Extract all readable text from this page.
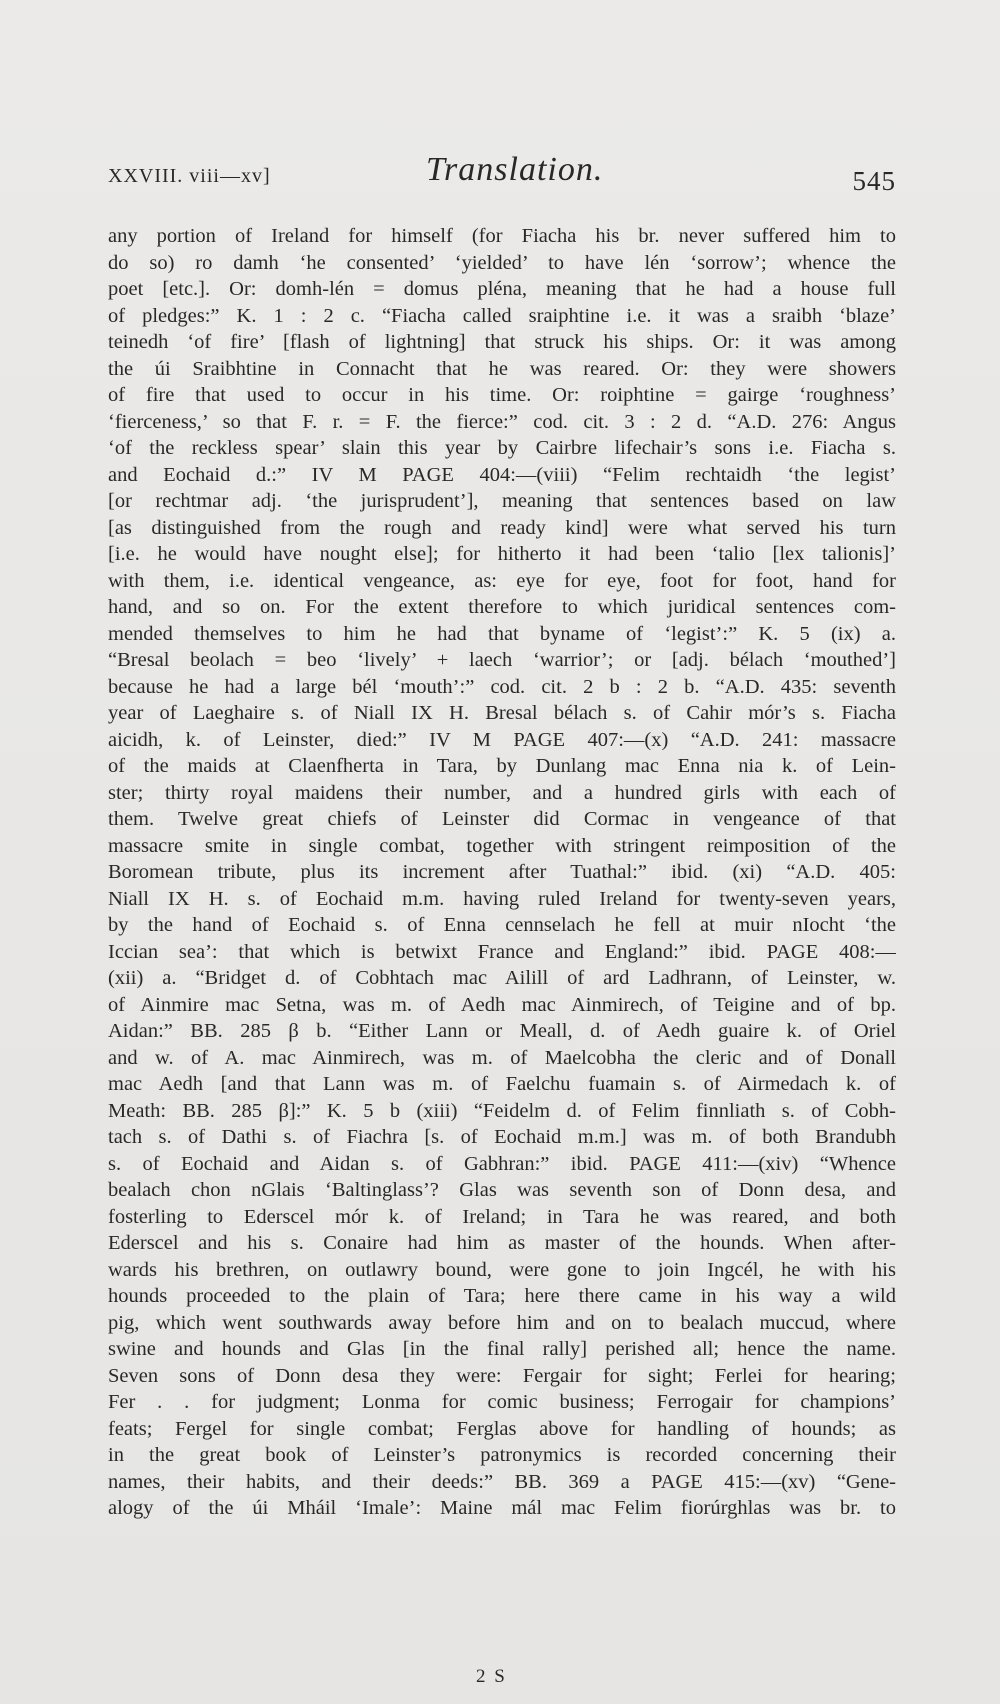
XXVIII. viii—xv]	Translation.	545
any portion of Ireland for himself (for Fiacha his br. never suffered him to
do so) ro damh ‘he consented’ ‘yielded’ to have lén ‘sorrow’; whence the
poet [etc.]. Or: domh-lén = domus pléna, meaning that he had a house full
of pledges:” K. 1 : 2 c. “Fiacha called sraiphtine i.e. it was a sraibh ‘blaze’
teinedh ‘of fire’ [flash of lightning] that struck his ships. Or: it was among
the úi Sraibhtine in Connacht that he was reared. Or: they were showers
of fire that used to occur in his time. Or: roiphtine = gairge ‘roughness’
‘fierceness,’ so that F. r. = F. the fierce:” cod. cit. 3 : 2 d. “A.D. 276: Angus
‘of the reckless spear’ slain this year by Cairbre lifechair’s sons i.e. Fiacha s.
and Eochaid d.:” IV M PAGE 404:—(viii) “Felim rechtaidh ‘the legist’
[or rechtmar adj. ‘the jurisprudent’], meaning that sentences based on law
[as distinguished from the rough and ready kind] were what served his turn
[i.e. he would have nought else]; for hitherto it had been ‘talio [lex talionis]’
with them, i.e. identical vengeance, as: eye for eye, foot for foot, hand for
hand, and so on. For the extent therefore to which juridical sentences com-
mended themselves to him he had that byname of ‘legist’:” K. 5 (ix) a.
“Bresal beolach = beo ‘lively’ + laech ‘warrior’; or [adj. bélach ‘mouthed’]
because he had a large bél ‘mouth’:” cod. cit. 2 b : 2 b. “A.D. 435: seventh
year of Laeghaire s. of Niall IX H. Bresal bélach s. of Cahir mór’s s. Fiacha
aicidh, k. of Leinster, died:” IV M PAGE 407:—(x) “A.D. 241: massacre
of the maids at Claenfherta in Tara, by Dunlang mac Enna nia k. of Lein-
ster; thirty royal maidens their number, and a hundred girls with each of
them. Twelve great chiefs of Leinster did Cormac in vengeance of that
massacre smite in single combat, together with stringent reimposition of the
Boromean tribute, plus its increment after Tuathal:” ibid. (xi) “A.D. 405:
Niall IX H. s. of Eochaid m.m. having ruled Ireland for twenty-seven years,
by the hand of Eochaid s. of Enna cennselach he fell at muir nIocht ‘the
Iccian sea’: that which is betwixt France and England:” ibid. PAGE 408:—
(xii) a. “Bridget d. of Cobhtach mac Ailill of ard Ladhrann, of Leinster, w.
of Ainmire mac Setna, was m. of Aedh mac Ainmirech, of Teigine and of bp.
Aidan:” BB. 285 β b. “Either Lann or Meall, d. of Aedh guaire k. of Oriel
and w. of A. mac Ainmirech, was m. of Maelcobha the cleric and of Donall
mac Aedh [and that Lann was m. of Faelchu fuamain s. of Airmedach k. of
Meath: BB. 285 β]:” K. 5 b (xiii) “Feidelm d. of Felim finnliath s. of Cobh-
tach s. of Dathi s. of Fiachra [s. of Eochaid m.m.] was m. of both Brandubh
s. of Eochaid and Aidan s. of Gabhran:” ibid. PAGE 411:—(xiv) “Whence
bealach chon nGlais ‘Baltinglass’? Glas was seventh son of Donn desa, and
fosterling to Ederscel mór k. of Ireland; in Tara he was reared, and both
Ederscel and his s. Conaire had him as master of the hounds. When after-
wards his brethren, on outlawry bound, were gone to join Ingcél, he with his
hounds proceeded to the plain of Tara; here there came in his way a wild
pig, which went southwards away before him and on to bealach muccud, where
swine and hounds and Glas [in the final rally] perished all; hence the name.
Seven sons of Donn desa they were: Fergair for sight; Ferlei for hearing;
Fer . . for judgment; Lonma for comic business; Ferrogair for champions’
feats; Fergel for single combat; Ferglas above for handling of hounds; as
in the great book of Leinster’s patronymics is recorded concerning their
names, their habits, and their deeds:” BB. 369 a PAGE 415:—(xv) “Gene-
alogy of the úi Mháil ‘Imale’: Maine mál mac Felim fiorúrghlas was br. to
2 S
